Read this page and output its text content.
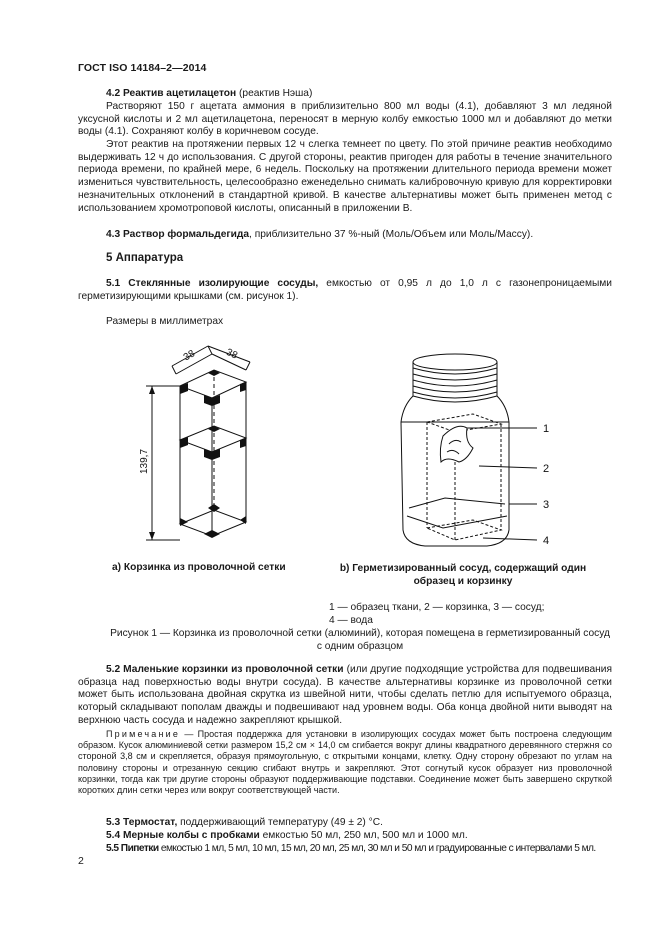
ГОСТ ISO 14184–2—2014
4.2 Реактив ацетилацетон (реактив Нэша)
Растворяют 150 г ацетата аммония в приблизительно 800 мл воды (4.1), добавляют 3 мл ледяной уксусной кислоты и 2 мл ацетилацетона, переносят в мерную колбу емкостью 1000 мл и добавляют до метки воды (4.1). Сохраняют колбу в коричневом сосуде.
Этот реактив на протяжении первых 12 ч слегка темнеет по цвету. По этой причине реактив необходимо выдерживать 12 ч до использования. С другой стороны, реактив пригоден для работы в течение значительного периода времени, по крайней мере, 6 недель. Поскольку на протяжении длительного периода времени может измениться чувствительность, целесообразно еженедельно снимать калибровочную кривую для корректировки незначительных отклонений в стандартной кривой. В качестве альтернативы может быть применен метод с использованием хромотроповой кислоты, описанный в приложении В.
4.3 Раствор формальдегида, приблизительно 37 %-ный (Моль/Объем или Моль/Массу).
5 Аппаратура
5.1 Стеклянные изолирующие сосуды, емкостью от 0,95 л до 1,0 л с газонепроницаемыми герметизирующими крышками (см. рисунок 1).
Размеры в миллиметрах
38	38
139,7
1
2
3
4
a) Корзинка из проволочной сетки	b) Герметизированный сосуд, содержащий один образец и корзинку
1 — образец ткани, 2 — корзинка, 3 — сосуд;
4 — вода
Рисунок 1 — Корзинка из проволочной сетки (алюминий), которая помещена в герметизированный сосуд с одним образцом
5.2 Маленькие корзинки из проволочной сетки (или другие подходящие устройства для подвешивания образца над поверхностью воды внутри сосуда). В качестве альтернативы корзинке из проволочной сетки может быть использована двойная скрутка из швейной нити, чтобы сделать петлю для испытуемого образца, который складывают пополам дважды и подвешивают над уровнем воды. Оба конца двойной нити выводят на верхнюю часть сосуда и надежно закрепляют крышкой.
Примечание — Простая поддержка для установки в изолирующих сосудах может быть построена следующим образом. Кусок алюминиевой сетки размером 15,2 см × 14,0 см сгибается вокруг длины квадратного деревянного стержня со стороной 3,8 см и скрепляется, образуя прямоугольную, с открытыми концами, клетку. Одну сторону обрезают по углам на половину стороны и отрезанную секцию сгибают внутрь и закрепляют. Этот согнутый кусок образует низ проволочной корзинки, тогда как три другие стороны образуют поддерживающие подставки. Соединение может быть завершено скруткой коротких длин сетки через или вокруг соответствующей части.
5.3 Термостат, поддерживающий температуру (49 ± 2) °С.
5.4 Мерные колбы с пробками емкостью 50 мл, 250 мл, 500 мл и 1000 мл.
5.5 Пипетки емкостью 1 мл, 5 мл, 10 мл, 15 мл, 20 мл, 25 мл, 30 мл и 50 мл и градуированные с интервалами 5 мл.
2
